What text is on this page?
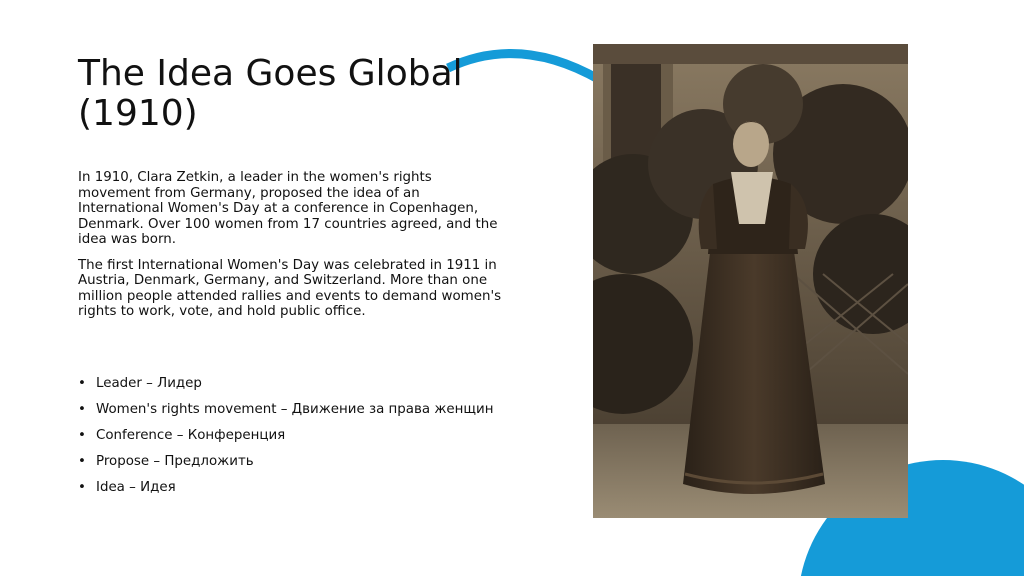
The Idea Goes Global (1910)

In 1910, Clara Zetkin, a leader in the women's rights movement from Germany, proposed the idea of an International Women's Day at a conference in Copenhagen, Denmark. Over 100 women from 17 countries agreed, and the idea was born.

The first International Women's Day was celebrated in 1911 in Austria, Denmark, Germany, and Switzerland. More than one million people attended rallies and events to demand women's rights to work, vote, and hold public office.

• Leader – Лидер
• Women's rights movement – Движение за права женщин
• Conference – Конференция
• Propose – Предложить
• Idea – Идея
